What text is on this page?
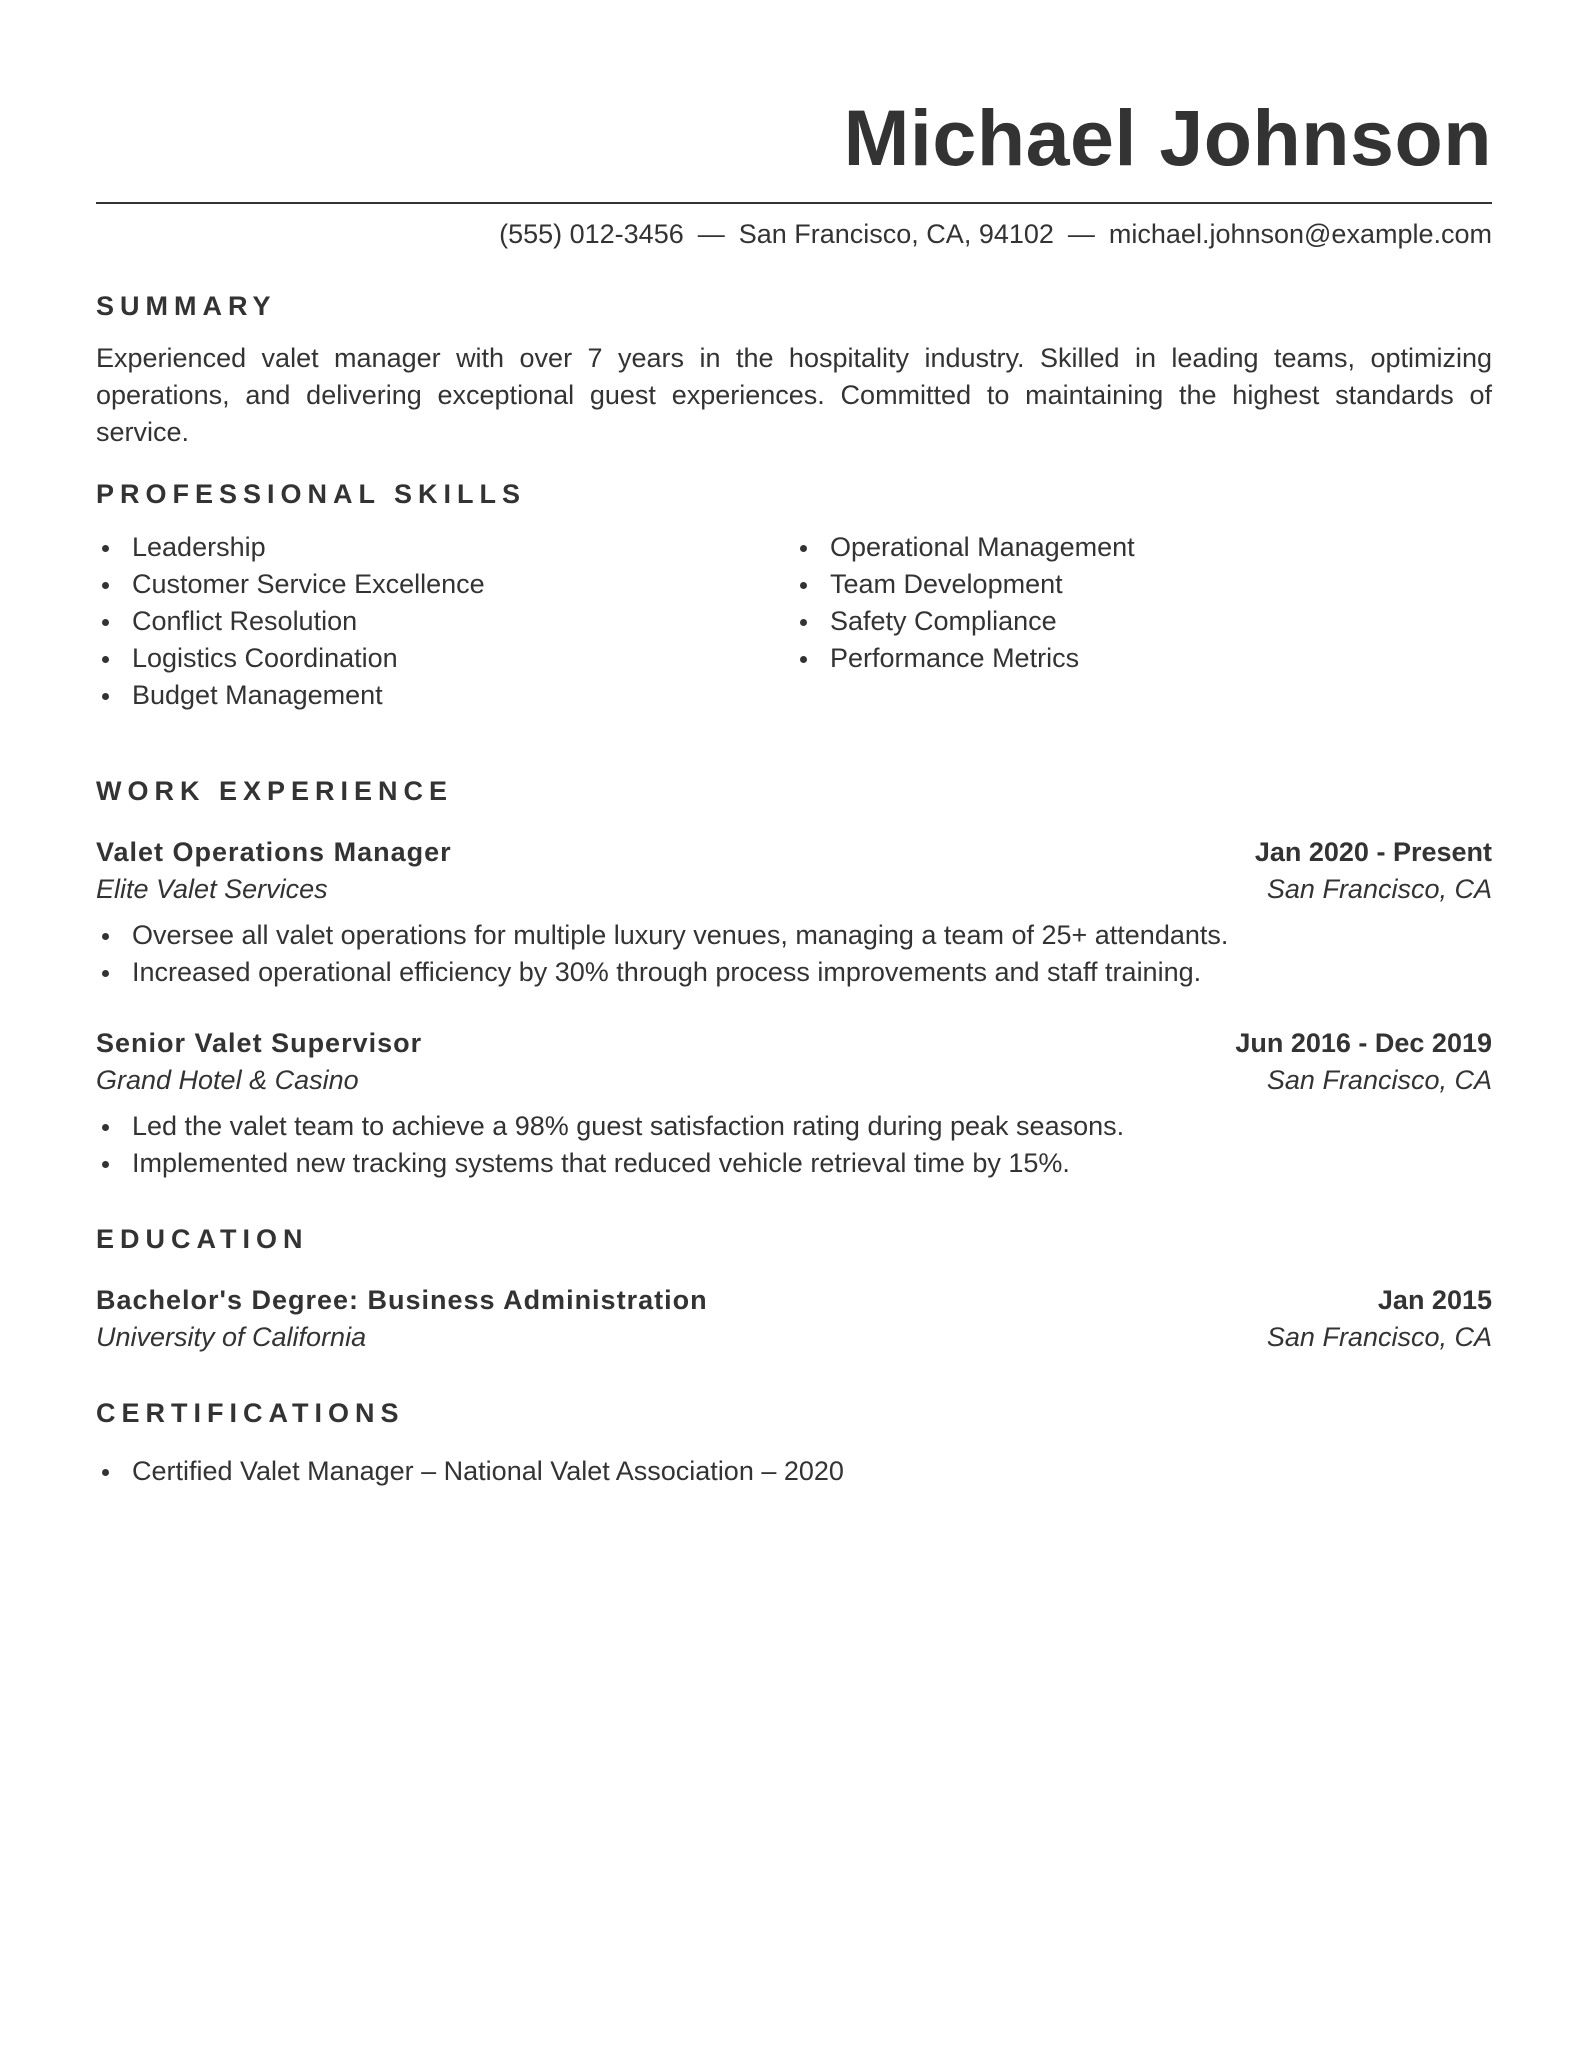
Michael Johnson
(555) 012-3456 — San Francisco, CA, 94102 — michael.johnson@example.com
SUMMARY
Experienced valet manager with over 7 years in the hospitality industry. Skilled in leading teams, optimizing operations, and delivering exceptional guest experiences. Committed to maintaining the highest standards of service.
PROFESSIONAL SKILLS
Leadership
Customer Service Excellence
Conflict Resolution
Logistics Coordination
Budget Management
Operational Management
Team Development
Safety Compliance
Performance Metrics
WORK EXPERIENCE
Valet Operations Manager	Jan 2020 - Present
Elite Valet Services	San Francisco, CA
Oversee all valet operations for multiple luxury venues, managing a team of 25+ attendants.
Increased operational efficiency by 30% through process improvements and staff training.
Senior Valet Supervisor	Jun 2016 - Dec 2019
Grand Hotel & Casino	San Francisco, CA
Led the valet team to achieve a 98% guest satisfaction rating during peak seasons.
Implemented new tracking systems that reduced vehicle retrieval time by 15%.
EDUCATION
Bachelor's Degree: Business Administration	Jan 2015
University of California	San Francisco, CA
CERTIFICATIONS
Certified Valet Manager – National Valet Association – 2020
